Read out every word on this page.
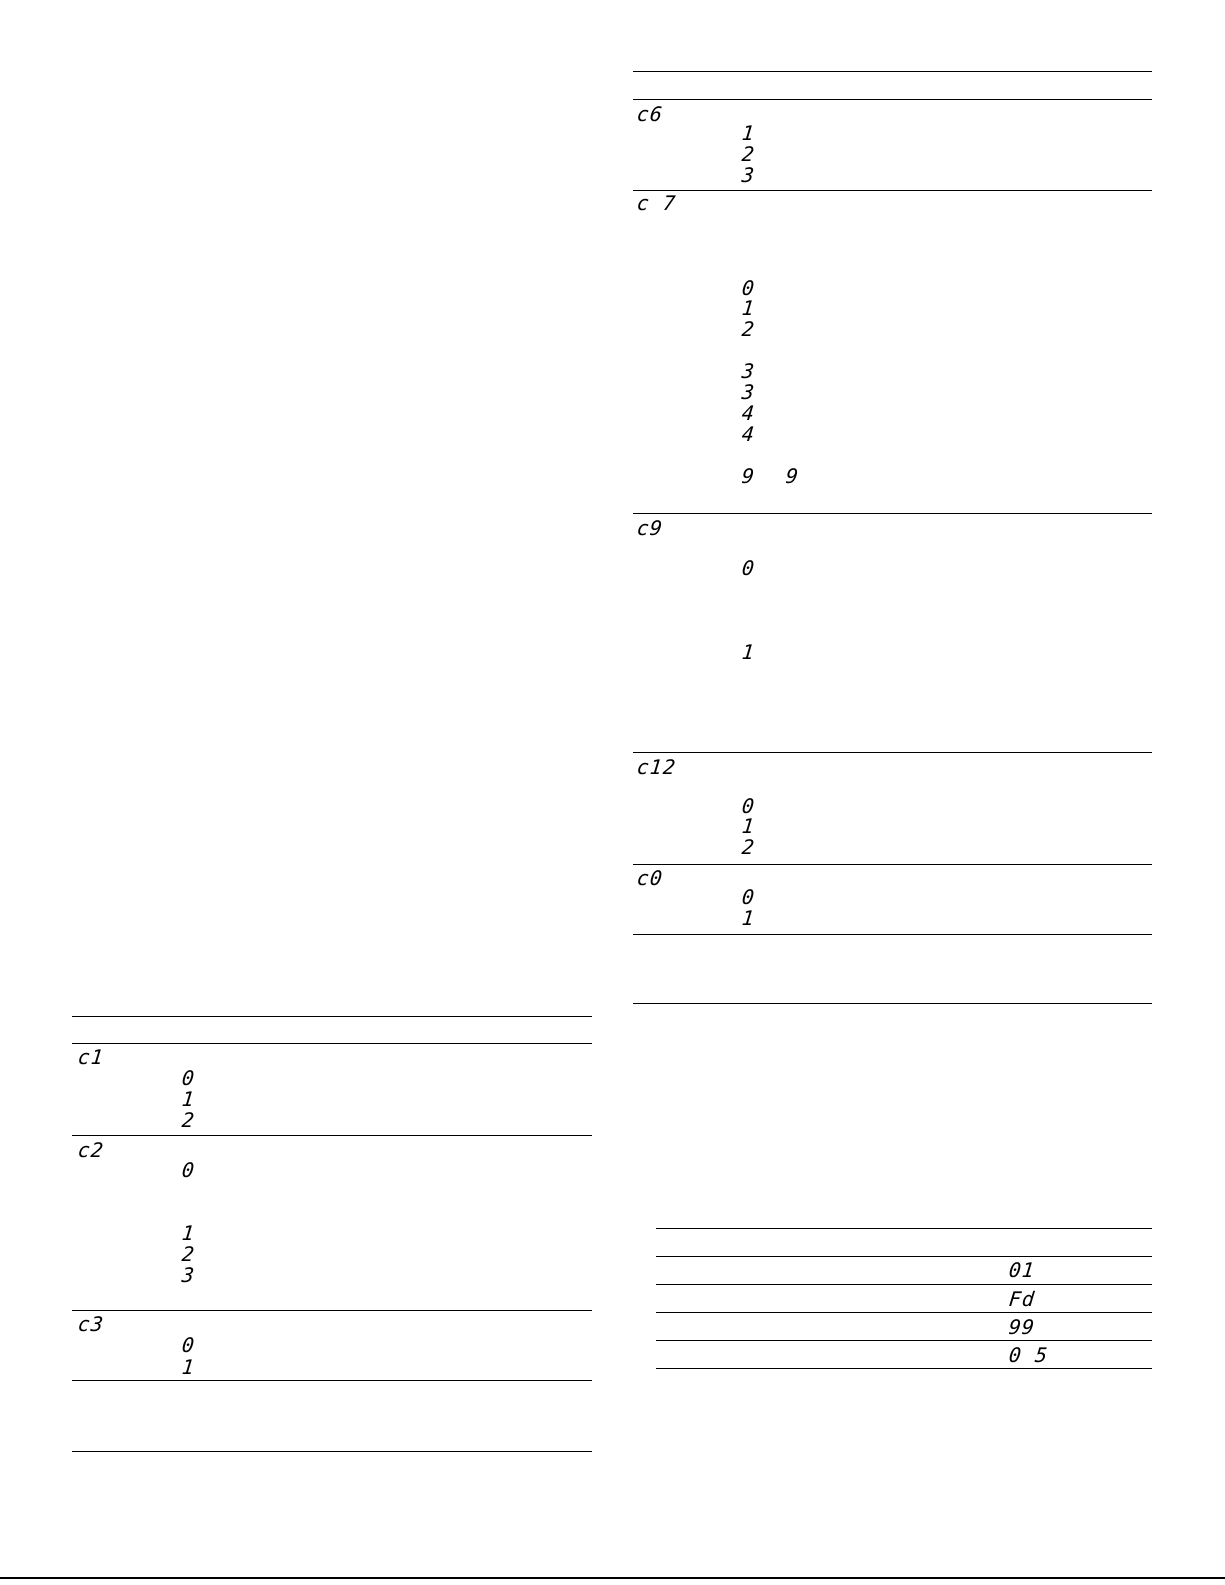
c6
1
2
3
c 7
0
1
2
3
3
4
4
9 9
c9
0
1
c12
0
1
2
c0
0
1
c1
0
1
2
c2
0
1
2
3
c3
0
1
01
Fd
99
0 5
